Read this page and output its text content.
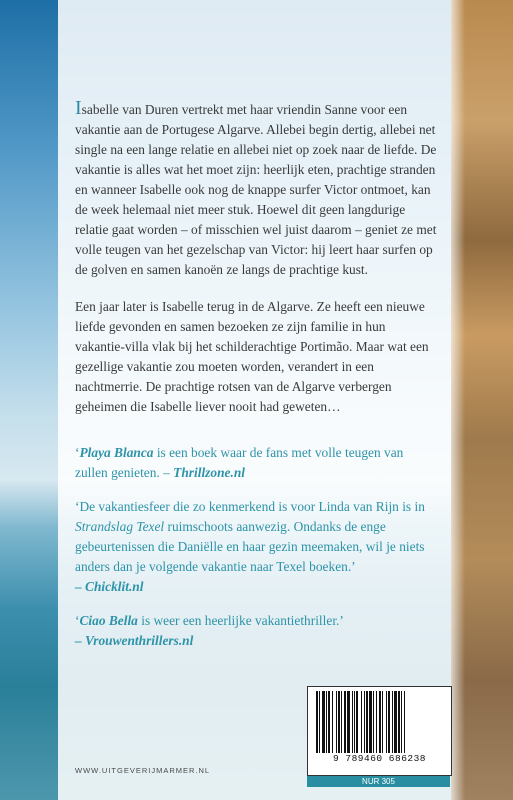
Isabelle van Duren vertrekt met haar vriendin Sanne voor een vakantie aan de Portugese Algarve. Allebei begin dertig, allebei net single na een lange relatie en allebei niet op zoek naar de liefde. De vakantie is alles wat het moet zijn: heerlijk eten, prachtige stranden en wanneer Isabelle ook nog de knappe surfer Victor ontmoet, kan de week helemaal niet meer stuk. Hoewel dit geen langdurige relatie gaat worden – of misschien wel juist daarom – geniet ze met volle teugen van het gezelschap van Victor: hij leert haar surfen op de golven en samen kanoën ze langs de prachtige kust.

Een jaar later is Isabelle terug in de Algarve. Ze heeft een nieuwe liefde gevonden en samen bezoeken ze zijn familie in hun vakantie-villa vlak bij het schilderachtige Portimão. Maar wat een gezellige vakantie zou moeten worden, verandert in een nachtmerrie. De prachtige rotsen van de Algarve verbergen geheimen die Isabelle liever nooit had geweten…

‘Playa Blanca is een boek waar de fans met volle teugen van zullen genieten. – Thrillzone.nl

‘De vakantiesfeer die zo kenmerkend is voor Linda van Rijn is in Strandslag Texel ruimschoots aanwezig. Ondanks de enge gebeurtenissen die Daniëlle en haar gezin meemaken, wil je niets anders dan je volgende vakantie naar Texel boeken.’
– Chicklit.nl

‘Ciao Bella is weer een heerlijke vakantiethriller.’
– Vrouwenthrillers.nl

WWW.UITGEVERIJMARMER.NL
9 789460 686238
NUR 305
